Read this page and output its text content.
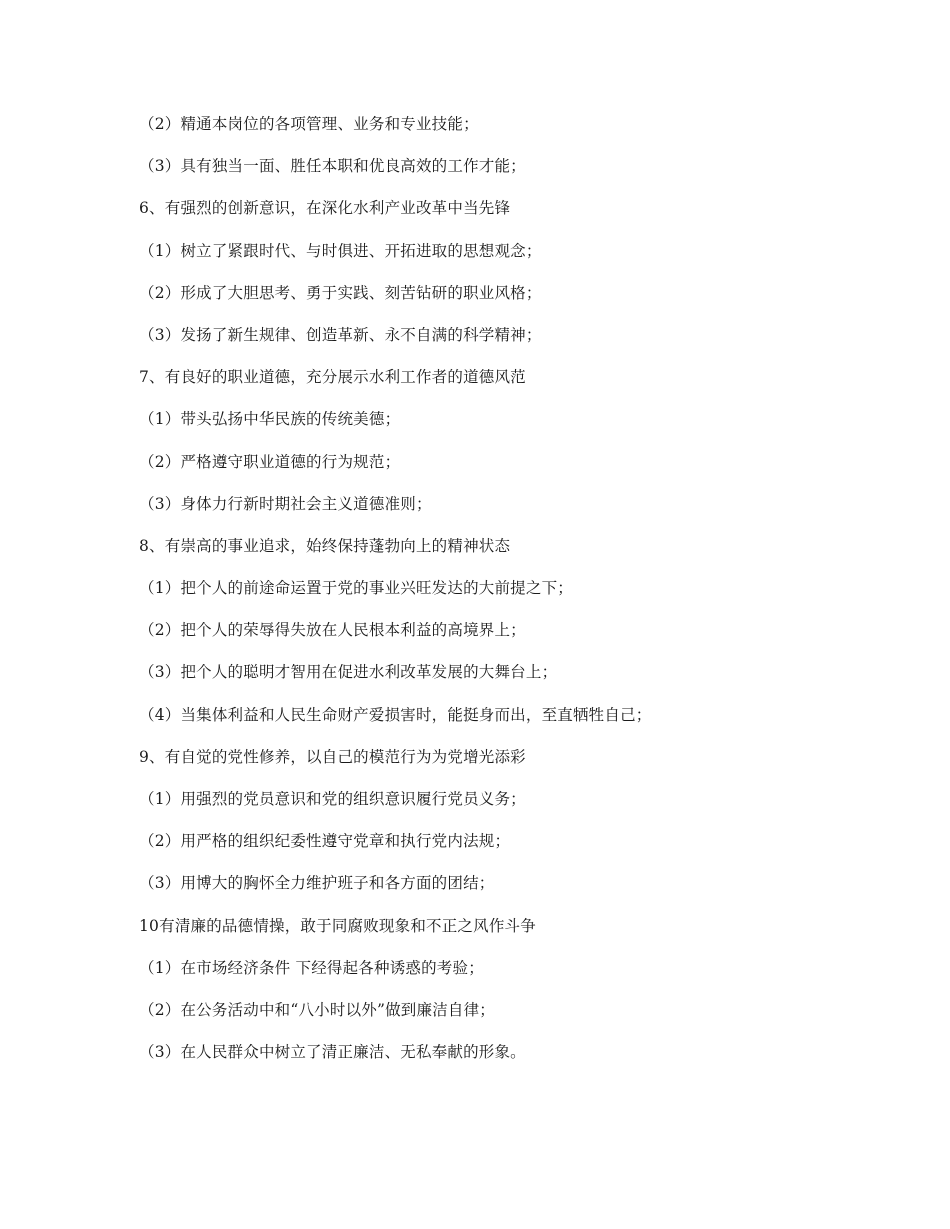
（2）精通本岗位的各项管理、业务和专业技能；
（3）具有独当一面、胜任本职和优良高效的工作才能；
6、有强烈的创新意识，在深化水利产业改革中当先锋
（1）树立了紧跟时代、与时俱进、开拓进取的思想观念；
（2）形成了大胆思考、勇于实践、刻苦钻研的职业风格；
（3）发扬了新生规律、创造革新、永不自满的科学精神；
7、有良好的职业道德，充分展示水利工作者的道德风范
（1）带头弘扬中华民族的传统美德；
（2）严格遵守职业道德的行为规范；
（3）身体力行新时期社会主义道德准则；
8、有崇高的事业追求，始终保持蓬勃向上的精神状态
（1）把个人的前途命运置于党的事业兴旺发达的大前提之下；
（2）把个人的荣辱得失放在人民根本利益的高境界上；
（3）把个人的聪明才智用在促进水利改革发展的大舞台上；
（4）当集体利益和人民生命财产爱损害时，能挺身而出，至直牺牲自己；
9、有自觉的党性修养，以自己的模范行为为党增光添彩
（1）用强烈的党员意识和党的组织意识履行党员义务；
（2）用严格的组织纪委性遵守党章和执行党内法规；
（3）用博大的胸怀全力维护班子和各方面的团结；
10有清廉的品德情操，敢于同腐败现象和不正之风作斗争
（1）在市场经济条件 下经得起各种诱惑的考验；
（2）在公务活动中和“八小时以外”做到廉洁自律；
（3）在人民群众中树立了清正廉洁、无私奉献的形象。
